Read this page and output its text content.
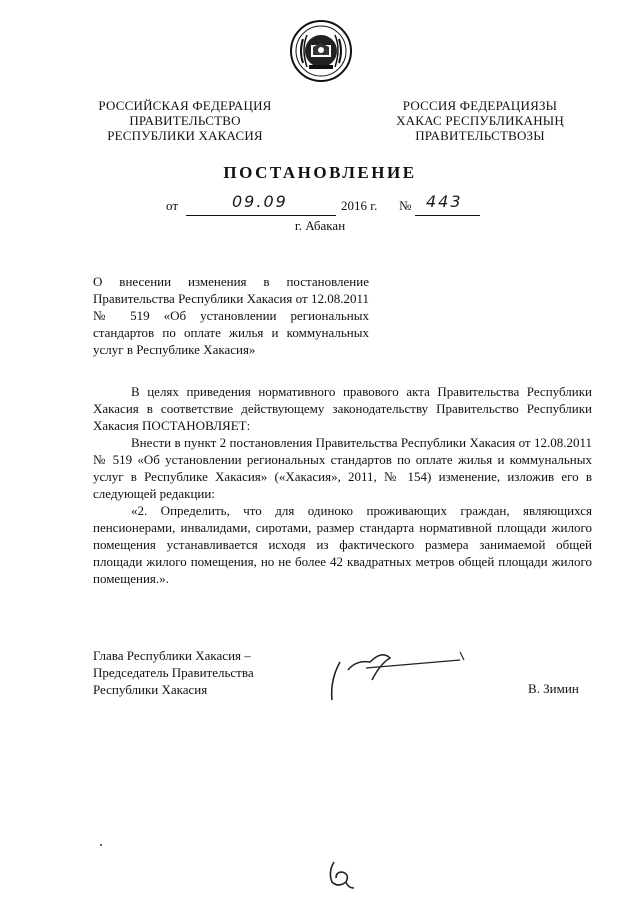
РОССИЙСКАЯ ФЕДЕРАЦИЯ
ПРАВИТЕЛЬСТВО
РЕСПУБЛИКИ ХАКАСИЯ
РОССИЯ ФЕДЕРАЦИЯЗЫ
ХАКАС РЕСПУБЛИКАНЫҢ
ПРАВИТЕЛЬСТВОЗЫ
ПОСТАНОВЛЕНИЕ
от	09.09	2016 г. № 443
г. Абакан
О внесении изменения в постановление Правительства Республики Хакасия от 12.08.2011 № 519 «Об установлении региональных стандартов по оплате жилья и коммунальных услуг в Республике Хакасия»

В целях приведения нормативного правового акта Правительства Республики Хакасия в соответствие действующему законодательству Правительство Республики Хакасия ПОСТАНОВЛЯЕТ:

Внести в пункт 2 постановления Правительства Республики Хакасия от 12.08.2011 № 519 «Об установлении региональных стандартов по оплате жилья и коммунальных услуг в Республике Хакасия» («Хакасия», 2011, № 154) изменение, изложив его в следующей редакции:

«2. Определить, что для одиноко проживающих граждан, являющихся пенсионерами, инвалидами, сиротами, размер стандарта нормативной площади жилого помещения устанавливается исходя из фактического размера занимаемой общей площади жилого помещения, но не более 42 квадратных метров общей площади жилого помещения.».

Глава Республики Хакасия –
Председатель Правительства
Республики Хакасия	В. Зимин
